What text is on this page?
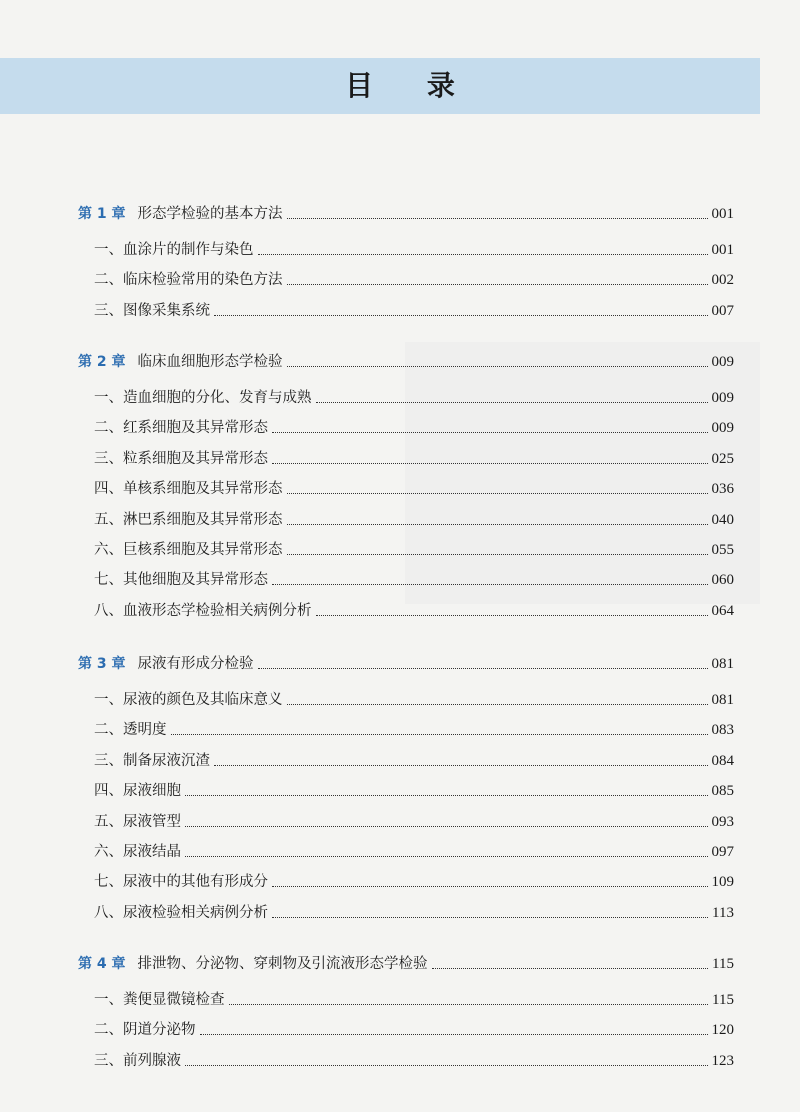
目 录
第 1 章 形态学检验的基本方法	001
一、血涂片的制作与染色	001
二、临床检验常用的染色方法	002
三、图像采集系统	007
第 2 章 临床血细胞形态学检验	009
一、造血细胞的分化、发育与成熟	009
二、红系细胞及其异常形态	009
三、粒系细胞及其异常形态	025
四、单核系细胞及其异常形态	036
五、淋巴系细胞及其异常形态	040
六、巨核系细胞及其异常形态	055
七、其他细胞及其异常形态	060
八、血液形态学检验相关病例分析	064
第 3 章 尿液有形成分检验	081
一、尿液的颜色及其临床意义	081
二、透明度	083
三、制备尿液沉渣	084
四、尿液细胞	085
五、尿液管型	093
六、尿液结晶	097
七、尿液中的其他有形成分	109
八、尿液检验相关病例分析	113
第 4 章 排泄物、分泌物、穿刺物及引流液形态学检验	115
一、粪便显微镜检查	115
二、阴道分泌物	120
三、前列腺液	123
